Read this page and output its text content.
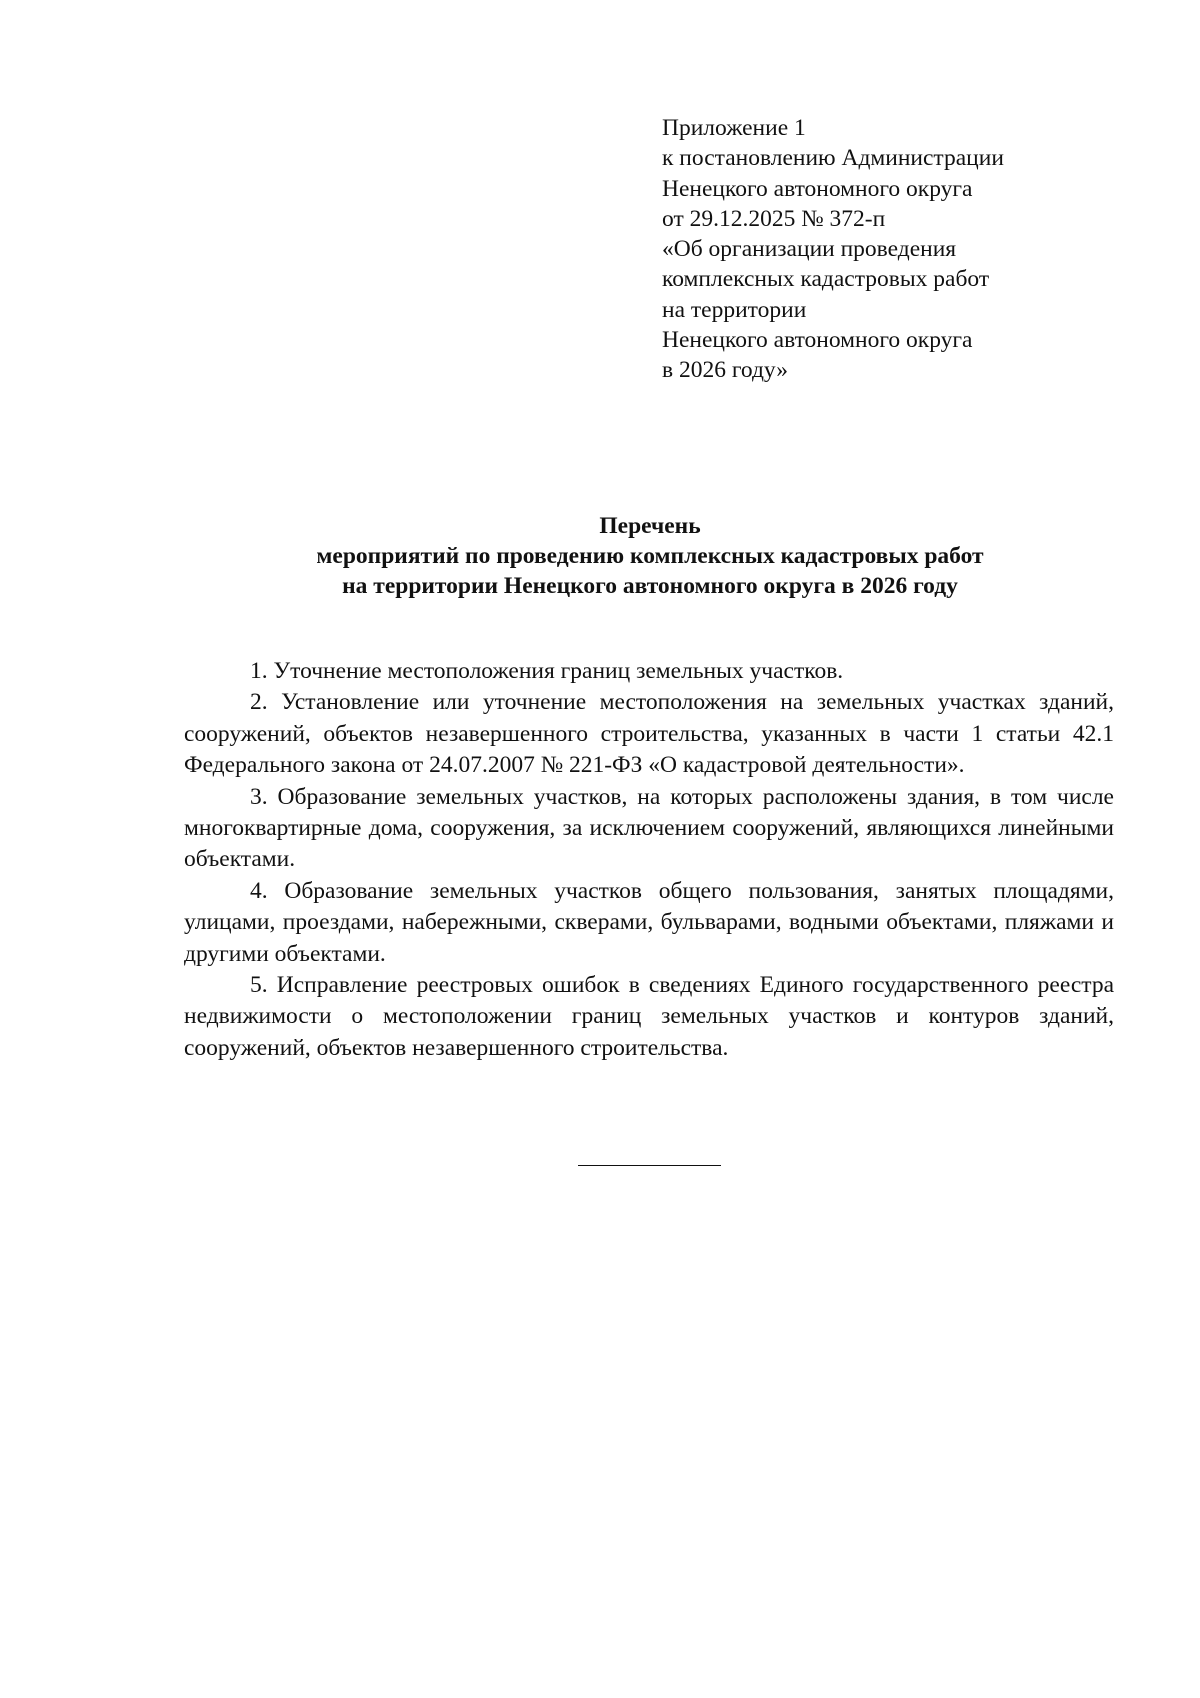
Приложение 1
к постановлению Администрации
Ненецкого автономного округа
от 29.12.2025 № 372-п
«Об организации проведения
комплексных кадастровых работ
на территории
Ненецкого автономного округа
в 2026 году»
Перечень
мероприятий по проведению комплексных кадастровых работ
на территории Ненецкого автономного округа в 2026 году

1. Уточнение местоположения границ земельных участков.

2. Установление или уточнение местоположения на земельных участках зданий, сооружений, объектов незавершенного строительства, указанных в части 1 статьи 42.1 Федерального закона от 24.07.2007 № 221-ФЗ «О кадастровой деятельности».

3. Образование земельных участков, на которых расположены здания, в том числе многоквартирные дома, сооружения, за исключением сооружений, являющихся линейными объектами.

4. Образование земельных участков общего пользования, занятых площадями, улицами, проездами, набережными, скверами, бульварами, водными объектами, пляжами и другими объектами.

5. Исправление реестровых ошибок в сведениях Единого государственного реестра недвижимости о местоположении границ земельных участков и контуров зданий, сооружений, объектов незавершенного строительства.
